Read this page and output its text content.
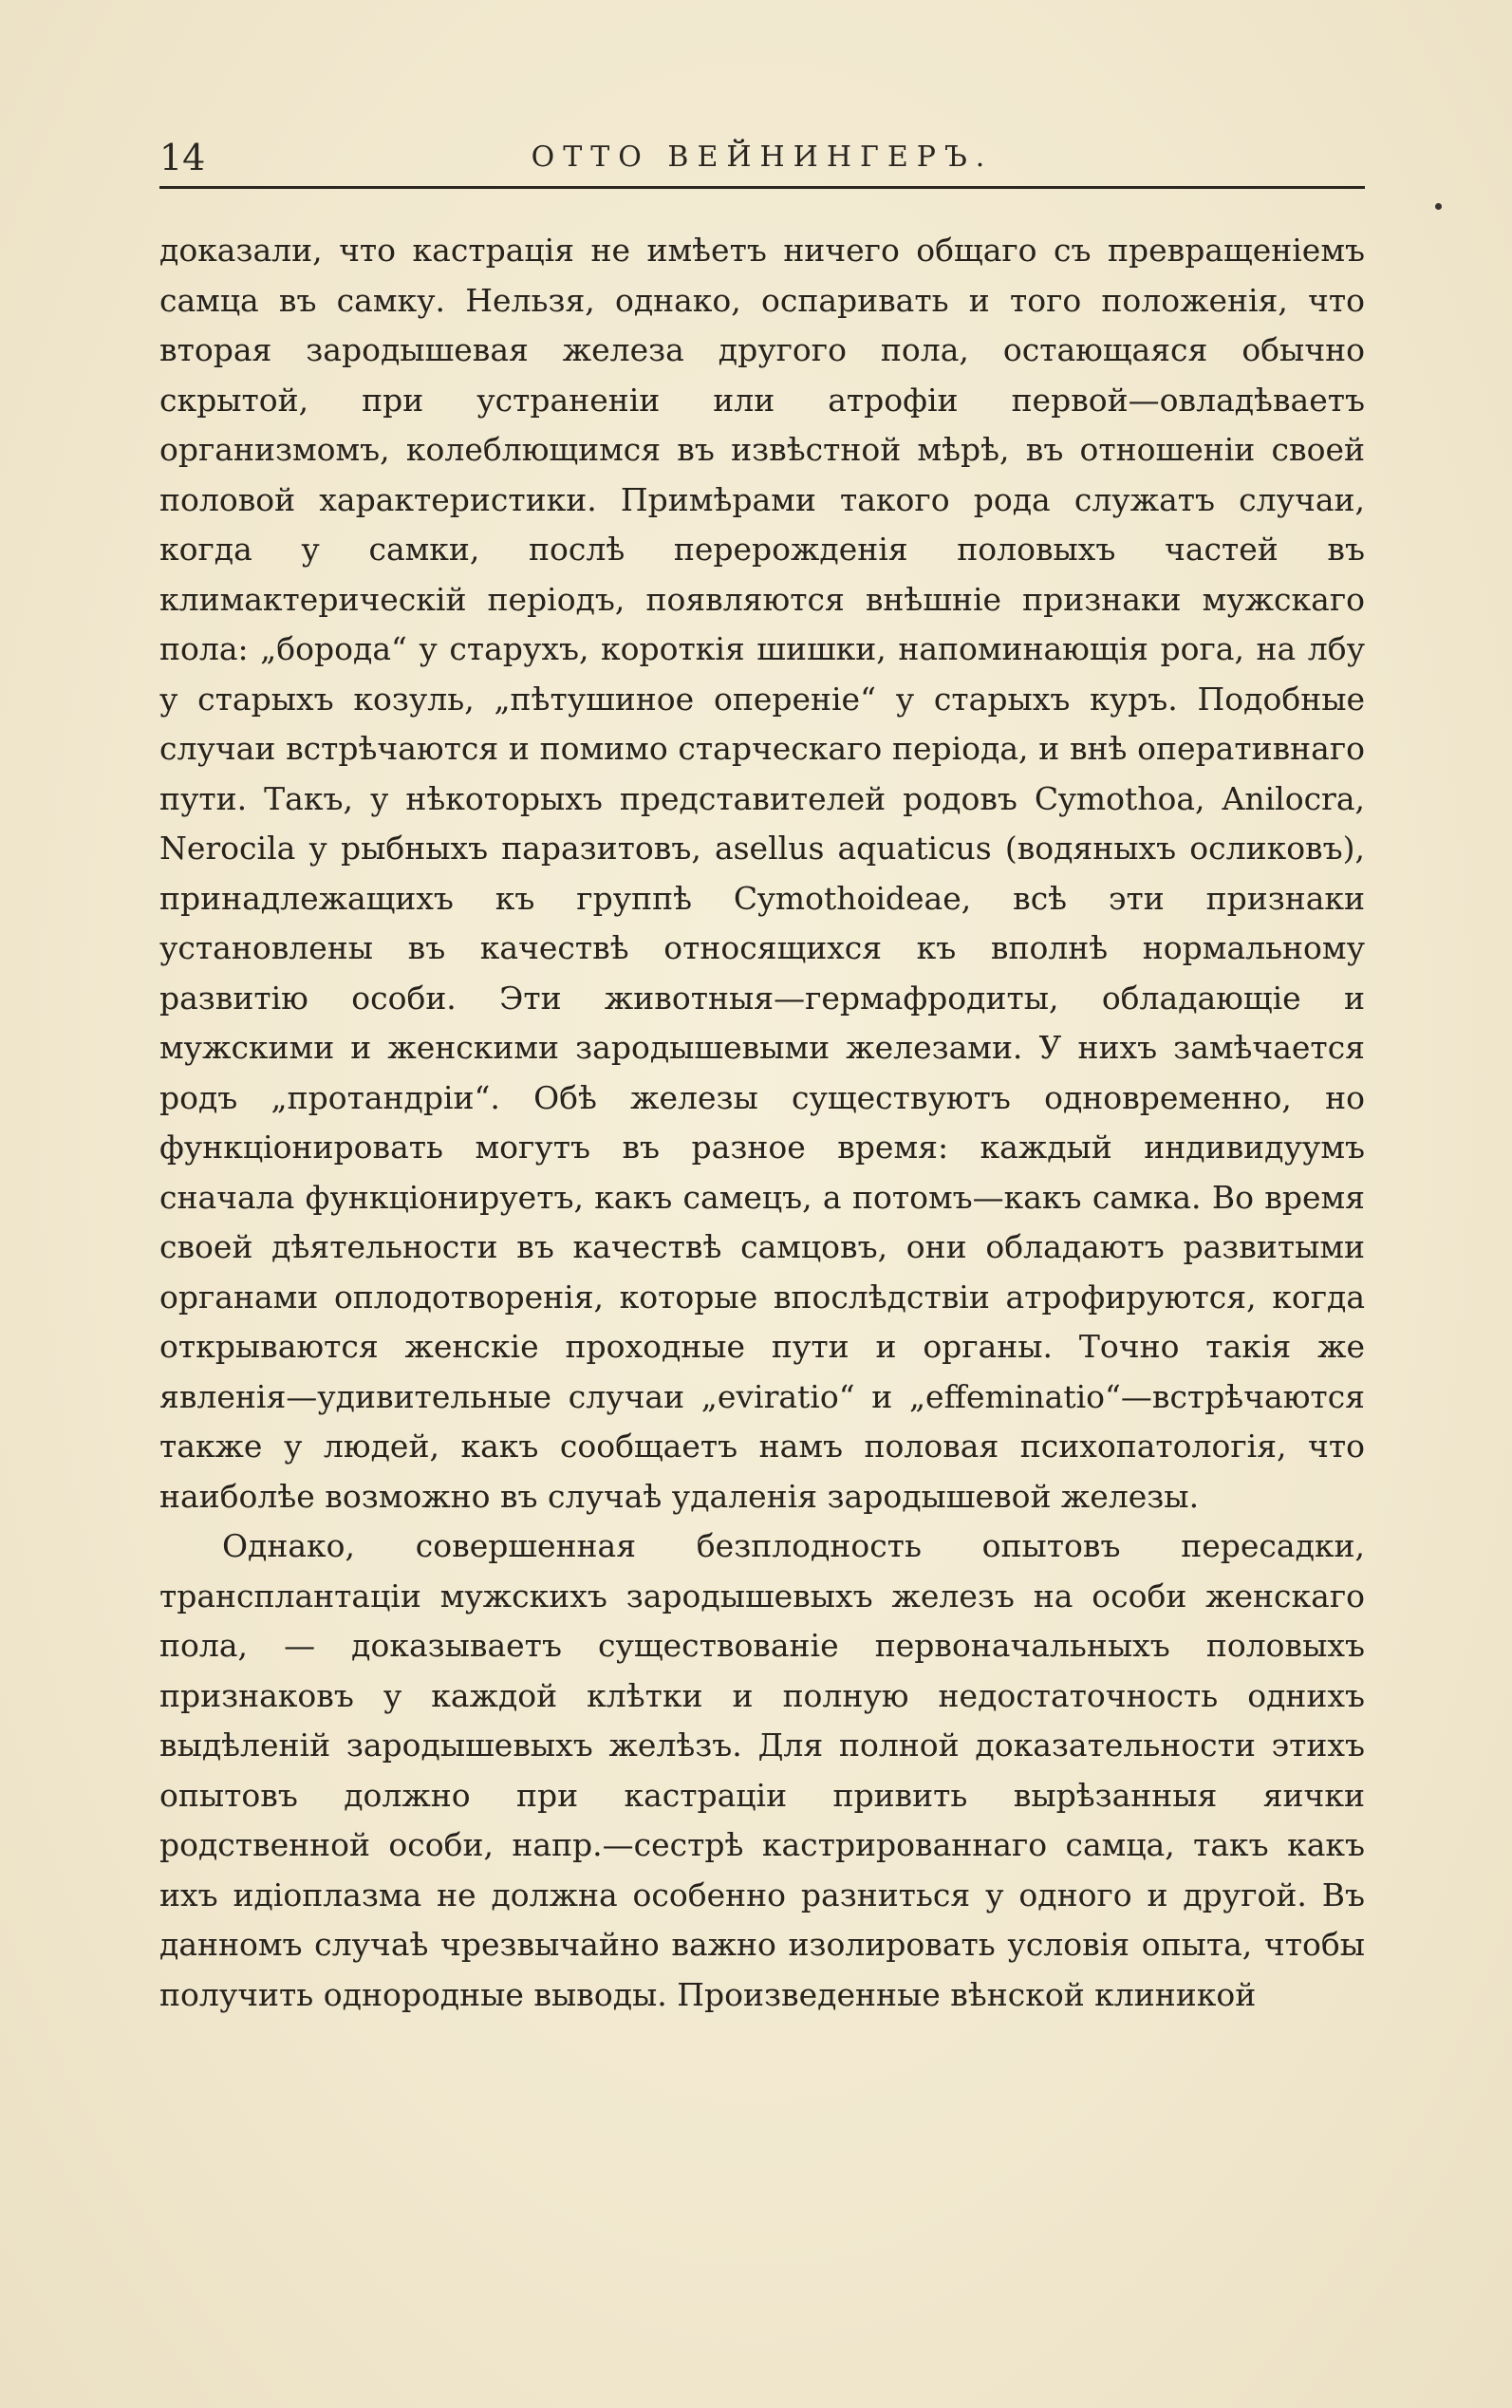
14	ОТТО ВЕЙНИНГЕРЪ.

доказали, что кастрація не имѣетъ ничего общаго съ превращеніемъ самца въ самку. Нельзя, однако, оспаривать и того положенія, что вторая зародышевая железа другого пола, остающаяся обычно скрытой, при устраненіи или атрофіи первой—овладѣваетъ организмомъ, колеблющимся въ извѣстной мѣрѣ, въ отношеніи своей половой характеристики. Примѣрами такого рода служатъ случаи, когда у самки, послѣ перерожденія половыхъ частей въ климактерическій періодъ, появляются внѣшніе признаки мужскаго пола: „борода“ у старухъ, короткія шишки, напоминающія рога, на лбу у старыхъ козуль, „пѣтушиное опереніе“ у старыхъ куръ. Подобные случаи встрѣчаются и помимо старческаго періода, и внѣ оперативнаго пути. Такъ, у нѣкоторыхъ представителей родовъ Cymothoa, Anilocra, Nerocila у рыбныхъ паразитовъ, asellus aquaticus (водяныхъ осликовъ), принадлежащихъ къ группѣ Cymothoideae, всѣ эти признаки установлены въ качествѣ относящихся къ вполнѣ нормальному развитію особи. Эти животныя—гермафродиты, обладающіе и мужскими и женскими зародышевыми железами. У нихъ замѣчается родъ „протандріи“. Обѣ железы существуютъ одновременно, но функціонировать могутъ въ разное время: каждый индивидуумъ сначала функціонируетъ, какъ самецъ, а потомъ—какъ самка. Во время своей дѣятельности въ качествѣ самцовъ, они обладаютъ развитыми органами оплодотворенія, которые впослѣдствіи атрофируются, когда открываются женскіе проходные пути и органы. Точно такія же явленія—удивительные случаи „eviratio“ и „effeminatio“—встрѣчаются также у людей, какъ сообщаетъ намъ половая психопатологія, что наиболѣе возможно въ случаѣ удаленія зародышевой железы.

Однако, совершенная безплодность опытовъ пересадки, трансплантаціи мужскихъ зародышевыхъ железъ на особи женскаго пола, — доказываетъ существованіе первоначальныхъ половыхъ признаковъ у каждой клѣтки и полную недостаточность однихъ выдѣленій зародышевыхъ желѣзъ. Для полной доказательности этихъ опытовъ должно при кастраціи привить вырѣзанныя яички родственной особи, напр.—сестрѣ кастрированнаго самца, такъ какъ ихъ идіоплазма не должна особенно разниться у одного и другой. Въ данномъ случаѣ чрезвычайно важно изолировать условія опыта, чтобы получить однородные выводы. Произведенные вѣнской клиникой
